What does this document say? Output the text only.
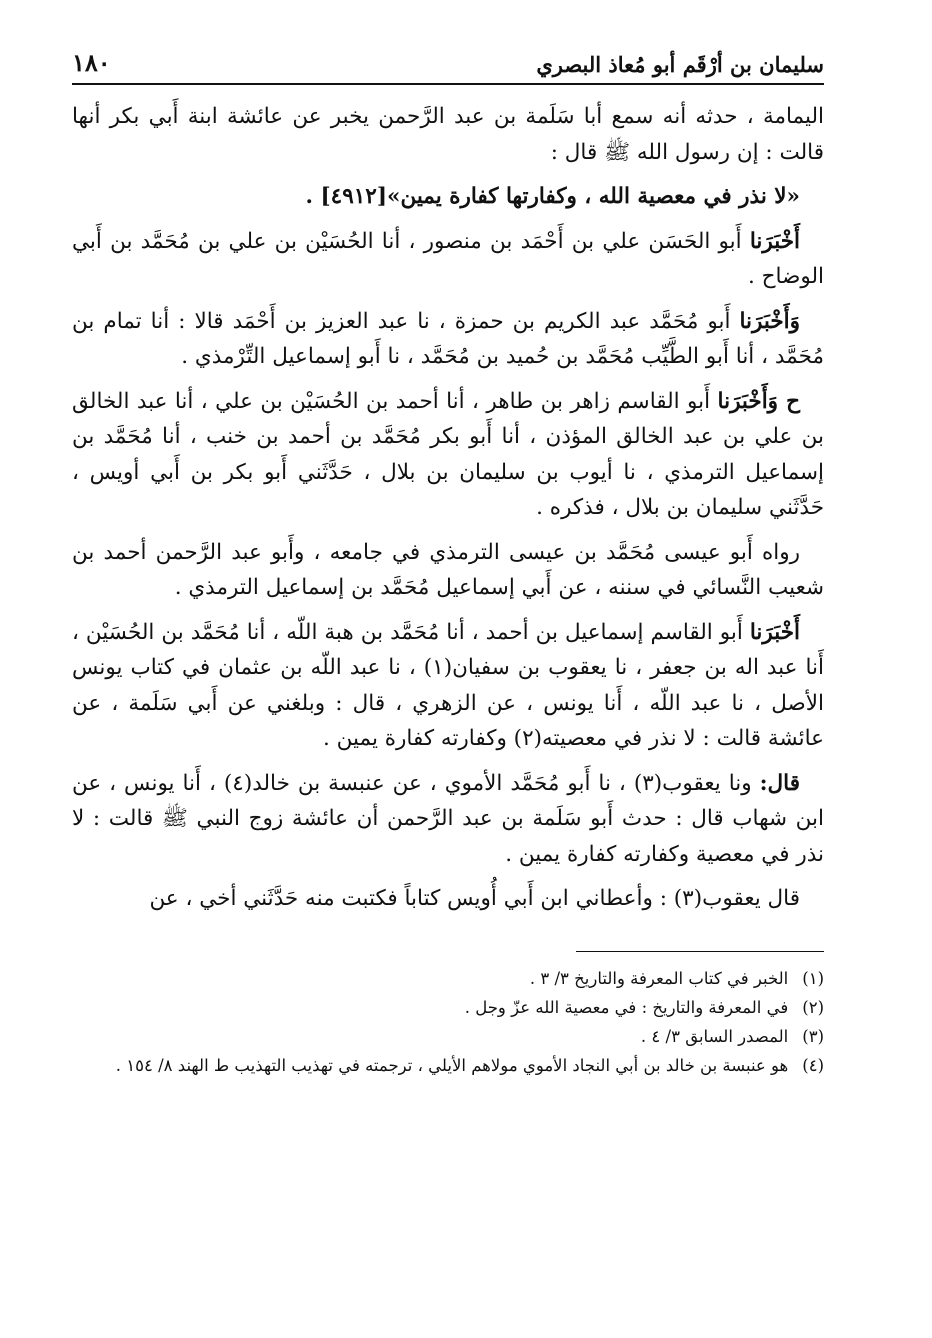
سليمان بن أرْقَم أبو مُعاذ البصري
١٨٠

اليمامة ، حدثه أنه سمع أبا سَلَمة بن عبد الرَّحمن يخبر عن عائشة ابنة أَبي بكر أنها قالت : إن رسول الله ﷺ قال :

«لا نذر في معصية الله ، وكفارتها كفارة يمين»[٤٩١٢] .

أَخْبَرَنا أَبو الحَسَن علي بن أَحْمَد بن منصور ، أنا الحُسَيْن بن علي بن مُحَمَّد بن أَبي الوضاح .

وَأَخْبَرَنا أَبو مُحَمَّد عبد الكريم بن حمزة ، نا عبد العزيز بن أَحْمَد قالا : أنا تمام بن مُحَمَّد ، أنا أَبو الطَّيِّب مُحَمَّد بن حُميد بن مُحَمَّد ، نا أَبو إسماعيل التِّرْمذي .

ح وَأَخْبَرَنا أَبو القاسم زاهر بن طاهر ، أنا أحمد بن الحُسَيْن بن علي ، أنا عبد الخالق بن علي بن عبد الخالق المؤذن ، أنا أَبو بكر مُحَمَّد بن أحمد بن خنب ، أنا مُحَمَّد بن إسماعيل الترمذي ، نا أيوب بن سليمان بن بلال ، حَدَّثَني أَبو بكر بن أَبي أويس ، حَدَّثَني سليمان بن بلال ، فذكره .

رواه أَبو عيسى مُحَمَّد بن عيسى الترمذي في جامعه ، وأَبو عبد الرَّحمن أحمد بن شعيب النَّسائي في سننه ، عن أَبي إسماعيل مُحَمَّد بن إسماعيل الترمذي .

أَخْبَرَنا أَبو القاسم إسماعيل بن أحمد ، أنا مُحَمَّد بن هبة اللّه ، أنا مُحَمَّد بن الحُسَيْن ، أَنا عبد اله بن جعفر ، نا يعقوب بن سفيان(١) ، نا عبد اللّه بن عثمان في كتاب يونس الأصل ، نا عبد اللّه ، أَنا يونس ، عن الزهري ، قال : وبلغني عن أَبي سَلَمة ، عن عائشة قالت : لا نذر في معصيته(٢) وكفارته كفارة يمين .

قال: ونا يعقوب(٣) ، نا أَبو مُحَمَّد الأموي ، عن عنبسة بن خالد(٤) ، أَنا يونس ، عن ابن شهاب قال : حدث أَبو سَلَمة بن عبد الرَّحمن أن عائشة زوج النبي ﷺ قالت : لا نذر في معصية وكفارته كفارة يمين .

قال يعقوب(٣) : وأعطاني ابن أَبي أُويس كتاباً فكتبت منه حَدَّثَني أخي ، عن

(١)
الخبر في كتاب المعرفة والتاريخ ٣/ ٣ .
(٢)
في المعرفة والتاريخ : في معصية الله عزّ وجل .
(٣)
المصدر السابق ٣/ ٤ .
(٤)
هو عنبسة بن خالد بن أبي النجاد الأموي مولاهم الأيلي ، ترجمته في تهذيب التهذيب ط الهند ٨/ ١٥٤ .
